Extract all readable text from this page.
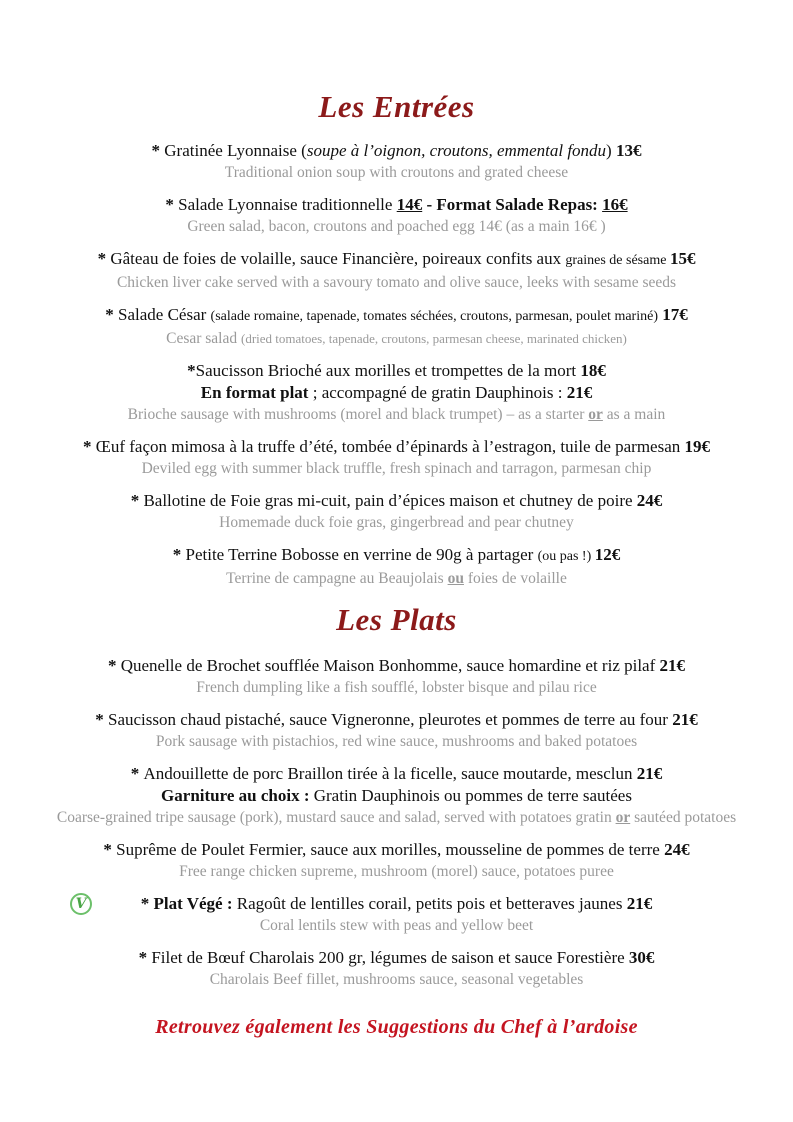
Les Entrées
* Gratinée Lyonnaise (soupe à l’oignon, croutons, emmental fondu) 13€
Traditional onion soup with croutons and grated cheese
* Salade Lyonnaise traditionnelle 14€ - Format Salade Repas: 16€
Green salad, bacon, croutons and poached egg 14€ (as a main 16€ )
* Gâteau de foies de volaille, sauce Financière, poireaux confits aux graines de sésame 15€
Chicken liver cake served with a savoury tomato and olive sauce, leeks with sesame seeds
* Salade César (salade romaine, tapenade, tomates séchées, croutons, parmesan, poulet mariné) 17€
Cesar salad (dried tomatoes, tapenade, croutons, parmesan cheese, marinated chicken)
*Saucisson Brioché aux morilles et trompettes de la mort 18€
En format plat ; accompagné de gratin Dauphinois : 21€
Brioche sausage with mushrooms (morel and black trumpet) – as a starter or as a main
* Œuf façon mimosa à la truffe d’été, tombée d’épinards à l’estragon, tuile de parmesan 19€
Deviled egg with summer black truffle, fresh spinach and tarragon, parmesan chip
* Ballotine de Foie gras mi-cuit, pain d’épices maison et chutney de poire 24€
Homemade duck foie gras, gingerbread and pear chutney
* Petite Terrine Bobosse en verrine de 90g à partager (ou pas !) 12€
Terrine de campagne au Beaujolais ou foies de volaille
Les Plats
* Quenelle de Brochet soufflée Maison Bonhomme, sauce homardine et riz pilaf 21€
French dumpling like a fish soufflé, lobster bisque and pilau rice
* Saucisson chaud pistaché, sauce Vigneronne, pleurotes et pommes de terre au four 21€
Pork sausage with pistachios, red wine sauce, mushrooms and baked potatoes
* Andouillette de porc Braillon tirée à la ficelle, sauce moutarde, mesclun 21€
Garniture au choix : Gratin Dauphinois ou pommes de terre sautées
Coarse-grained tripe sausage (pork), mustard sauce and salad, served with potatoes gratin or sautéed potatoes
* Suprême de Poulet Fermier, sauce aux morilles, mousseline de pommes de terre 24€
Free range chicken supreme, mushroom (morel) sauce, potatoes puree
V	* Plat Végé : Ragoût de lentilles corail, petits pois et betteraves jaunes 21€
Coral lentils stew with peas and yellow beet
* Filet de Bœuf Charolais 200 gr, légumes de saison et sauce Forestière 30€
Charolais Beef fillet, mushrooms sauce, seasonal vegetables
Retrouvez également les Suggestions du Chef à l’ardoise
